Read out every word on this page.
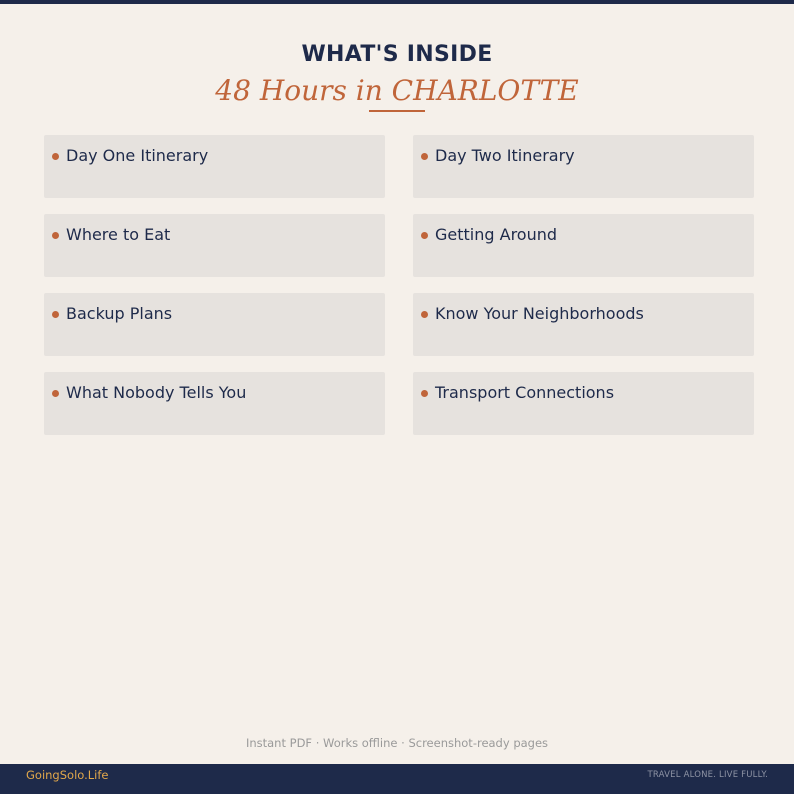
WHAT'S INSIDE
48 Hours in CHARLOTTE
Day One Itinerary	Day Two Itinerary
Where to Eat	Getting Around
Backup Plans	Know Your Neighborhoods
What Nobody Tells You	Transport Connections
Instant PDF · Works offline · Screenshot-ready pages
GoingSolo.Life	TRAVEL ALONE. LIVE FULLY.
